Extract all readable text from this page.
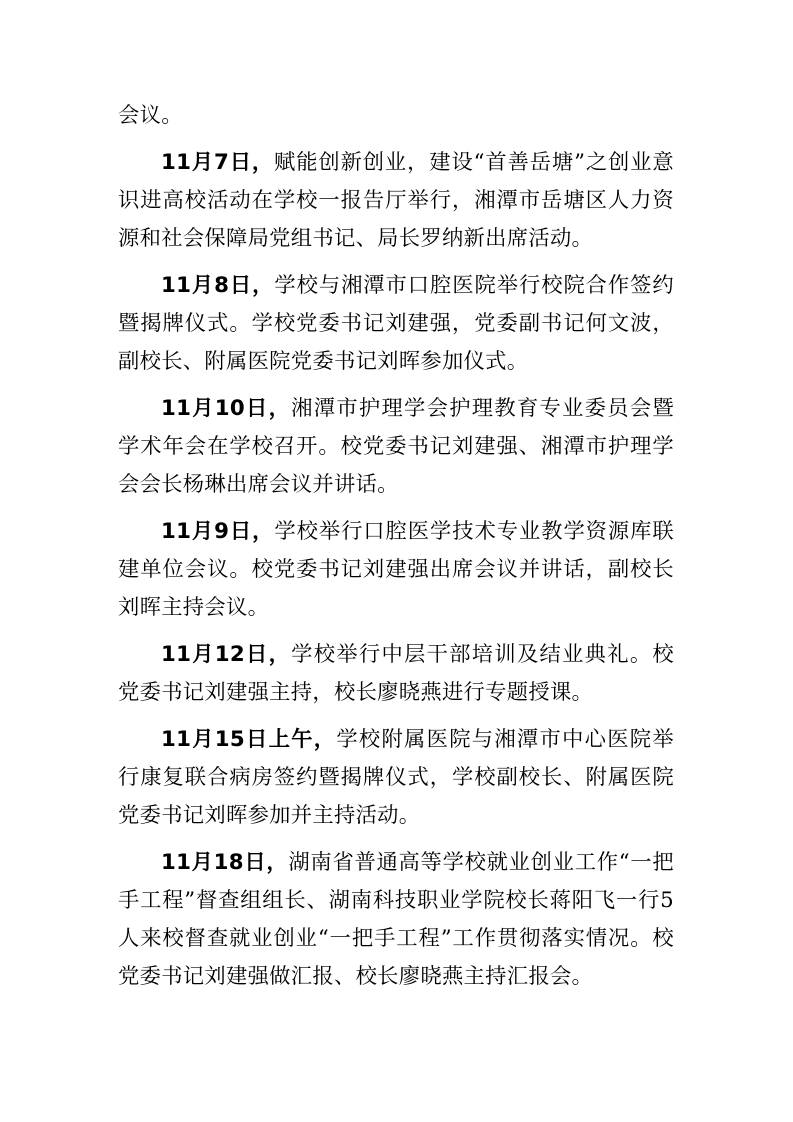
会议。

11月7日，赋能创新创业，建设“首善岳塘”之创业意识进高校活动在学校一报告厅举行，湘潭市岳塘区人力资源和社会保障局党组书记、局长罗纳新出席活动。

11月8日，学校与湘潭市口腔医院举行校院合作签约暨揭牌仪式。学校党委书记刘建强，党委副书记何文波，副校长、附属医院党委书记刘晖参加仪式。

11月10日，湘潭市护理学会护理教育专业委员会暨学术年会在学校召开。校党委书记刘建强、湘潭市护理学会会长杨琳出席会议并讲话。

11月9日，学校举行口腔医学技术专业教学资源库联建单位会议。校党委书记刘建强出席会议并讲话，副校长刘晖主持会议。

11月12日，学校举行中层干部培训及结业典礼。校党委书记刘建强主持，校长廖晓燕进行专题授课。

11月15日上午，学校附属医院与湘潭市中心医院举行康复联合病房签约暨揭牌仪式，学校副校长、附属医院党委书记刘晖参加并主持活动。

11月18日，湖南省普通高等学校就业创业工作“一把手工程”督查组组长、湖南科技职业学院校长蒋阳飞一行5人来校督查就业创业“一把手工程”工作贯彻落实情况。校党委书记刘建强做汇报、校长廖晓燕主持汇报会。
